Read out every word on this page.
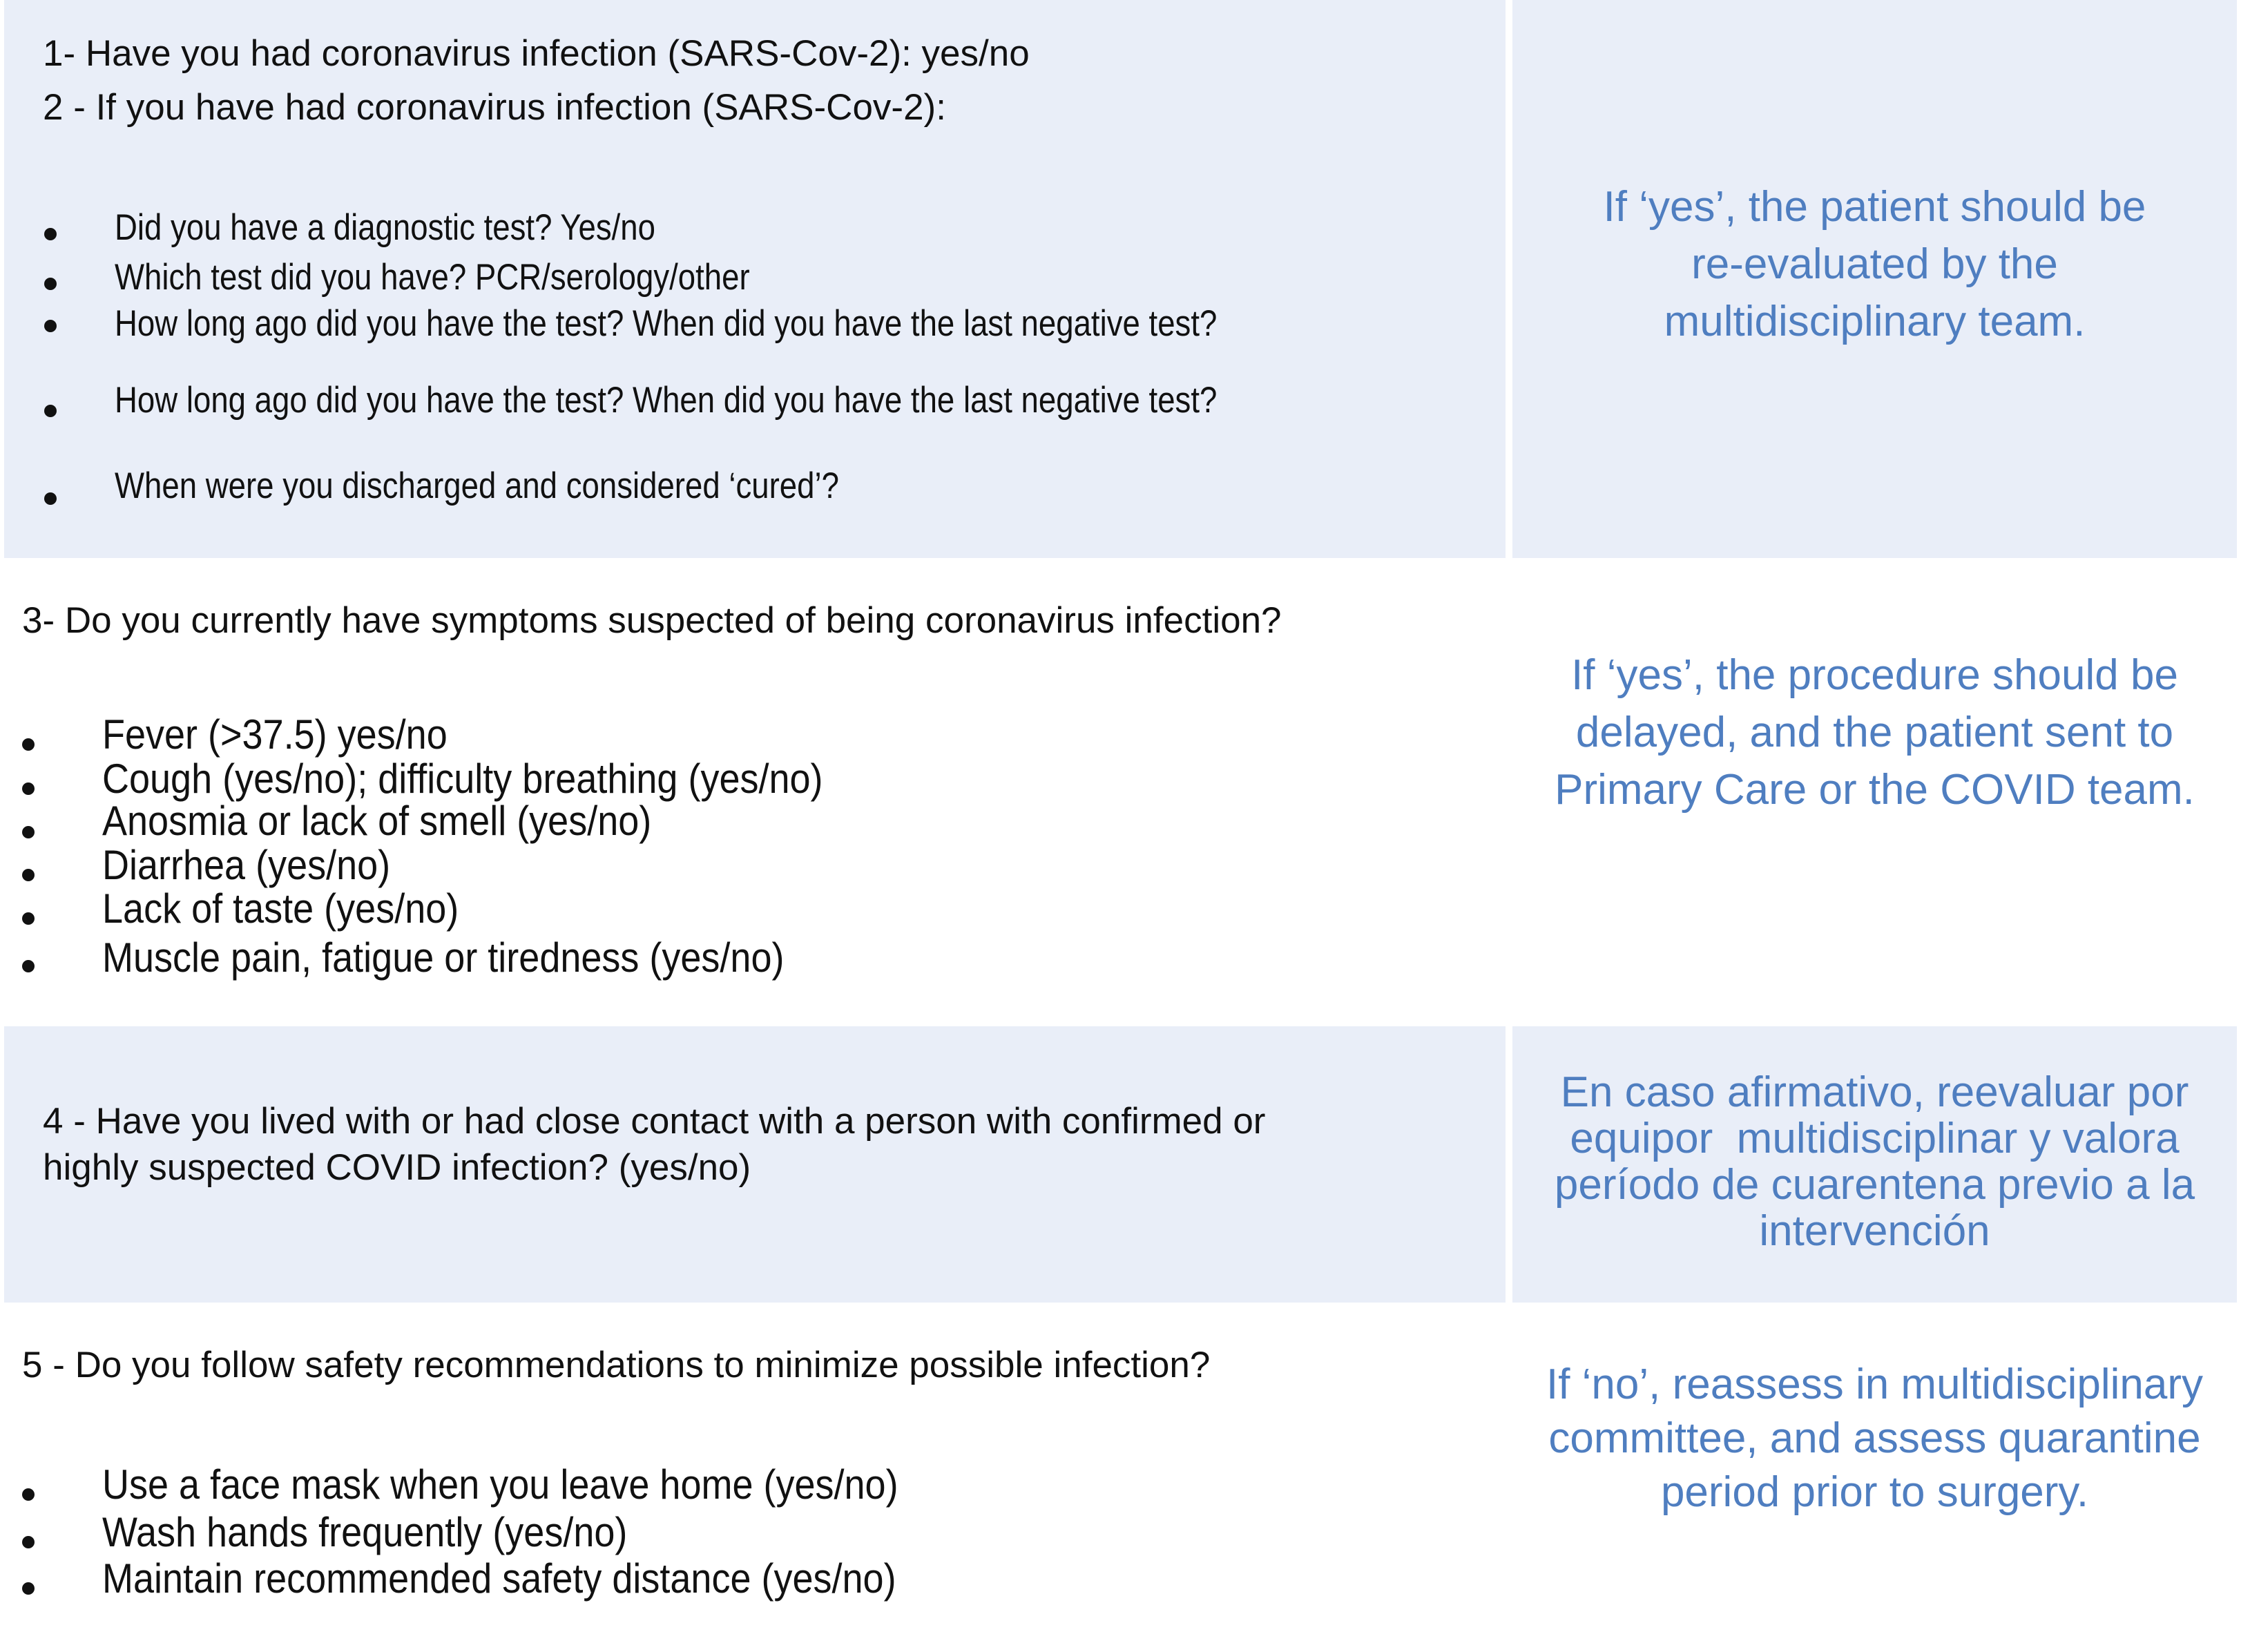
1- Have you had coronavirus infection (SARS-Cov-2): yes/no
2 - If you have had coronavirus infection (SARS-Cov-2):
Did you have a diagnostic test? Yes/no
Which test did you have? PCR/serology/other
How long ago did you have the test? When did you have the last negative test?
How long ago did you have the test? When did you have the last negative test?
When were you discharged and considered ‘cured’?
If ‘yes’, the patient should be
re-evaluated by the
multidisciplinary team.
3- Do you currently have symptoms suspected of being coronavirus infection?
Fever (>37.5) yes/no
Cough (yes/no); difficulty breathing (yes/no)
Anosmia or lack of smell (yes/no)
Diarrhea (yes/no)
Lack of taste (yes/no)
Muscle pain, fatigue or tiredness (yes/no)
If ‘yes’, the procedure should be
delayed, and the patient sent to
Primary Care or the COVID team.
4 - Have you lived with or had close contact with a person with confirmed or
highly suspected COVID infection? (yes/no)
En caso afirmativo, reevaluar por
equipor  multidisciplinar y valora
período de cuarentena previo a la
intervención
5 - Do you follow safety recommendations to minimize possible infection?
Use a face mask when you leave home (yes/no)
Wash hands frequently (yes/no)
Maintain recommended safety distance (yes/no)
If ‘no’, reassess in multidisciplinary
committee, and assess quarantine
period prior to surgery.
